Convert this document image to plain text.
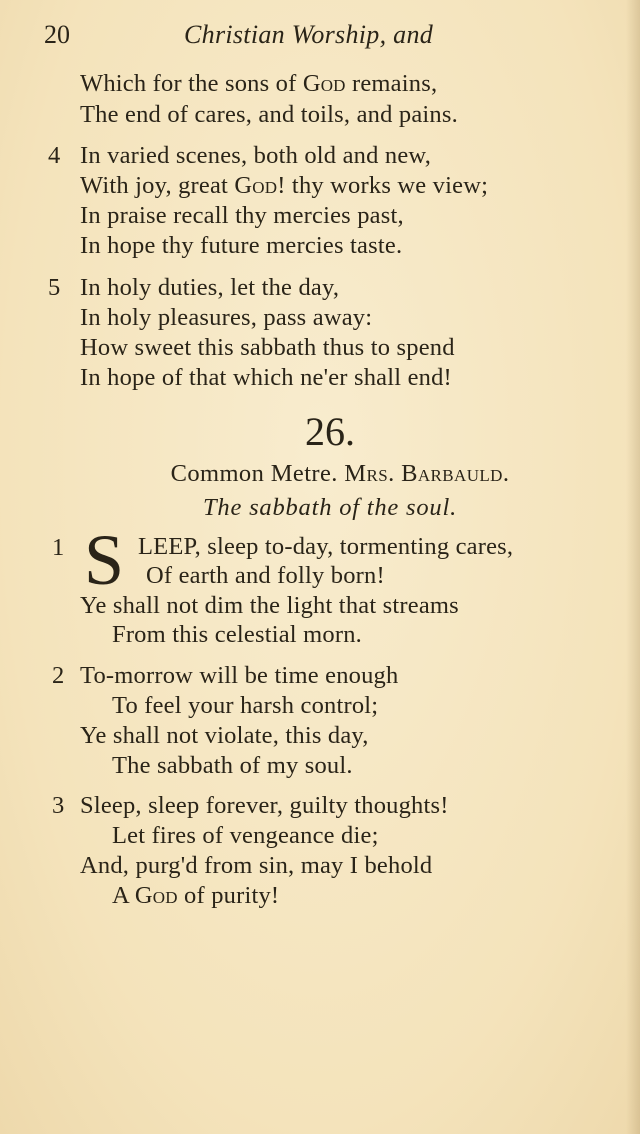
20	Christian Worship, and
Which for the sons of God remains,
The end of cares, and toils, and pains.
4 In varied scenes, both old and new,
With joy, great God! thy works we view;
In praise recall thy mercies past,
In hope thy future mercies taste.
5 In holy duties, let the day,
In holy pleasures, pass away:
How sweet this sabbath thus to spend
In hope of that which ne'er shall end!
26.
Common Metre. Mrs. Barbauld.
The sabbath of the soul.
1 S LEEP, sleep to-day, tormenting cares,
Of earth and folly born!
Ye shall not dim the light that streams
From this celestial morn.
2 To-morrow will be time enough
To feel your harsh control;
Ye shall not violate, this day,
The sabbath of my soul.
3 Sleep, sleep forever, guilty thoughts!
Let fires of vengeance die;
And, purg'd from sin, may I behold
A God of purity!
